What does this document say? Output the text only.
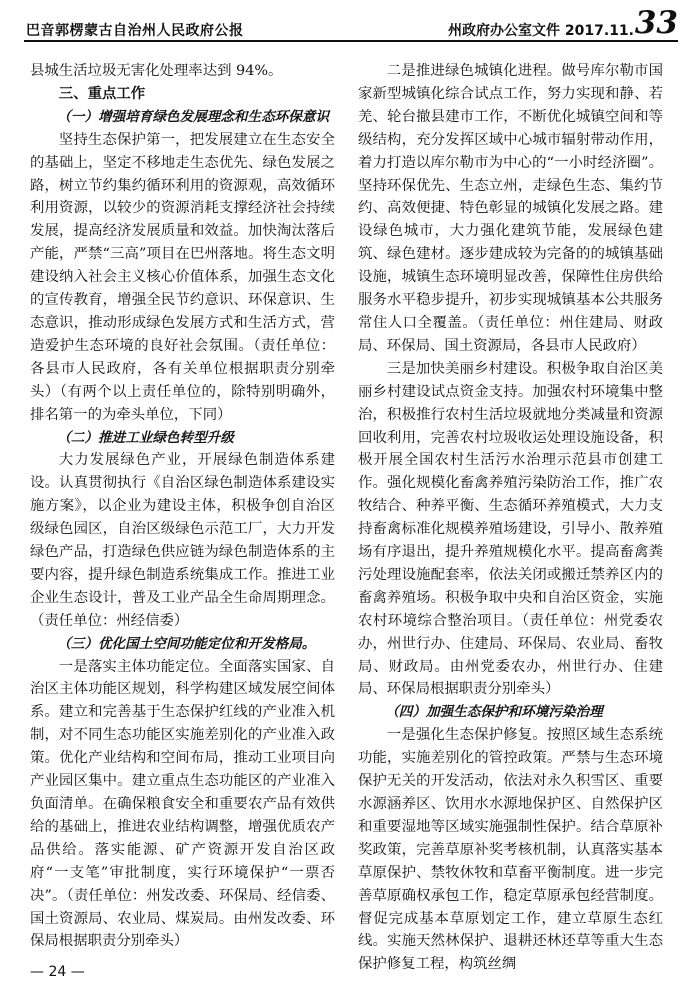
巴音郭楞蒙古自治州人民政府公报	州政府办公室文件 2017.11. 33

县城生活垃圾无害化处理率达到 94%。

三、重点工作

（一）增强培育绿色发展理念和生态环保意识

坚持生态保护第一，把发展建立在生态安全的基础上，坚定不移地走生态优先、绿色发展之路，树立节约集约循环利用的资源观，高效循环利用资源，以较少的资源消耗支撑经济社会持续发展，提高经济发展质量和效益。加快淘汰落后产能，严禁“三高”项目在巴州落地。将生态文明建设纳入社会主义核心价值体系，加强生态文化的宣传教育，增强全民节约意识、环保意识、生态意识，推动形成绿色发展方式和生活方式，营造爱护生态环境的良好社会氛围。（责任单位：各县市人民政府，各有关单位根据职责分别牵头）（有两个以上责任单位的，除特别明确外，排名第一的为牵头单位，下同）

（二）推进工业绿色转型升级

大力发展绿色产业，开展绿色制造体系建设。认真贯彻执行《自治区绿色制造体系建设实施方案》，以企业为建设主体，积极争创自治区级绿色园区，自治区级绿色示范工厂，大力开发绿色产品，打造绿色供应链为绿色制造体系的主要内容，提升绿色制造系统集成工作。推进工业企业生态设计，普及工业产品全生命周期理念。（责任单位：州经信委）

（三）优化国土空间功能定位和开发格局。

一是落实主体功能定位。全面落实国家、自治区主体功能区规划，科学构建区域发展空间体系。建立和完善基于生态保护红线的产业准入机制，对不同生态功能区实施差别化的产业准入政策。优化产业结构和空间布局，推动工业项目向产业园区集中。建立重点生态功能区的产业准入负面清单。在确保粮食安全和重要农产品有效供给的基础上，推进农业结构调整，增强优质农产品供给。落实能源、矿产资源开发自治区政府“一支笔”审批制度，实行环境保护“一票否决”。（责任单位：州发改委、环保局、经信委、国土资源局、农业局、煤炭局。由州发改委、环保局根据职责分别牵头）

二是推进绿色城镇化进程。做号库尔勒市国家新型城镇化综合试点工作，努力实现和静、若羌、轮台撤县建市工作，不断优化城镇空间和等级结构，充分发挥区域中心城市辐射带动作用，着力打造以库尔勒市为中心的“一小时经济圈”。坚持环保优先、生态立州，走绿色生态、集约节约、高效便捷、特色彰显的城镇化发展之路。建设绿色城市，大力强化建筑节能，发展绿色建筑、绿色建材。逐步建成较为完备的的城镇基础设施，城镇生态环境明显改善，保障性住房供给服务水平稳步提升，初步实现城镇基本公共服务常住人口全覆盖。（责任单位：州住建局、财政局、环保局、国土资源局，各县市人民政府）

三是加快美丽乡村建设。积极争取自治区美丽乡村建设试点资金支持。加强农村环境集中整治，积极推行农村生活垃圾就地分类减量和资源回收利用，完善农村垃圾收运处理设施设备，积极开展全国农村生活污水治理示范县市创建工作。强化规模化畜禽养殖污染防治工作，推广农牧结合、种养平衡、生态循环养殖模式，大力支持畜禽标准化规模养殖场建设，引导小、散养殖场有序退出，提升养殖规模化水平。提高畜禽粪污处理设施配套率，依法关闭或搬迁禁养区内的畜禽养殖场。积极争取中央和自治区资金，实施农村环境综合整治项目。（责任单位：州党委农办，州世行办、住建局、环保局、农业局、畜牧局、财政局。由州党委农办，州世行办、住建局、环保局根据职责分别牵头）

（四）加强生态保护和环境污染治理

一是强化生态保护修复。按照区域生态系统功能，实施差别化的管控政策。严禁与生态环境保护无关的开发活动，依法对永久积雪区、重要水源涵养区、饮用水水源地保护区、自然保护区和重要湿地等区域实施强制性保护。结合草原补奖政策，完善草原补奖考核机制，认真落实基本草原保护、禁牧休牧和草畜平衡制度。进一步完善草原确权承包工作，稳定草原承包经营制度。督促完成基本草原划定工作，建立草原生态红线。实施天然林保护、退耕还林还草等重大生态保护修复工程，构筑丝绸

— 24 —
